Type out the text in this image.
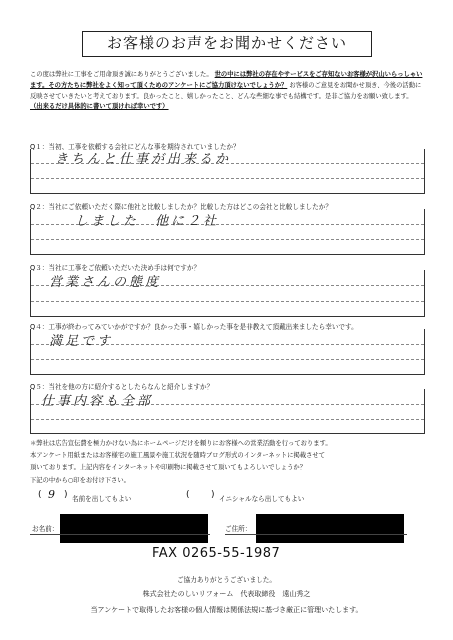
お客様のお声をお聞かせください
この度は弊社に工事をご用命頂き誠にありがとうございました。 世の中には弊社の存在やサービスをご存知ないお客様が沢山いらっしゃいます。その方たちに弊社をよく知って頂くためのアンケートにご協力頂けないでしょうか？ お客様のご意見をお聞かせ頂き、今後の活動に反映させていきたいと考えております。良かったこと、嬉しかったこと、どんな些細な事でも結構です。是非ご協力をお願い致します。 （出来るだけ具体的に書いて頂ければ幸いです）
Q１：当初、工事を依頼する会社にどんな事を期待されていましたか？
きちんと仕事が出来るか
Q２：当社にご依頼いただく際に他社と比較しましたか？比較した方はどこの会社と比較しましたか？
しました　他に２社
Q３：当社に工事をご依頼いただいた決め手は何ですか？
営業さんの態度
Q４：工事が終わってみていかがですか？良かった事・嬉しかった事を是非教えて頂戴出来ましたら幸いです。
満足です
Q５：当社を他の方に紹介するとしたらなんと紹介しますか？
仕事内容も全部
＊弊社は広告宣伝費を極力かけない為にホームページだけを頼りにお客様への営業活動を行っております。
本アンケート用紙またはお客様宅の施工風景や施工状況を随時ブログ形式のインターネットに掲載させて
頂いております。上記内容をインターネットや印刷物に掲載させて頂いてもよろしいでしょうか？
下記の中から○印をお付け下さい。
( 9 ) 名前を出してもよい	( ) イニシャルなら出してもよい
お名前：	ご住所：
FAX 0265-55-1987
ご協力ありがとうございました。
株式会社たのしいリフォーム　代表取締役　遠山秀之
当アンケートで取得したお客様の個人情報は関係法規に基づき厳正に管理いたします。
